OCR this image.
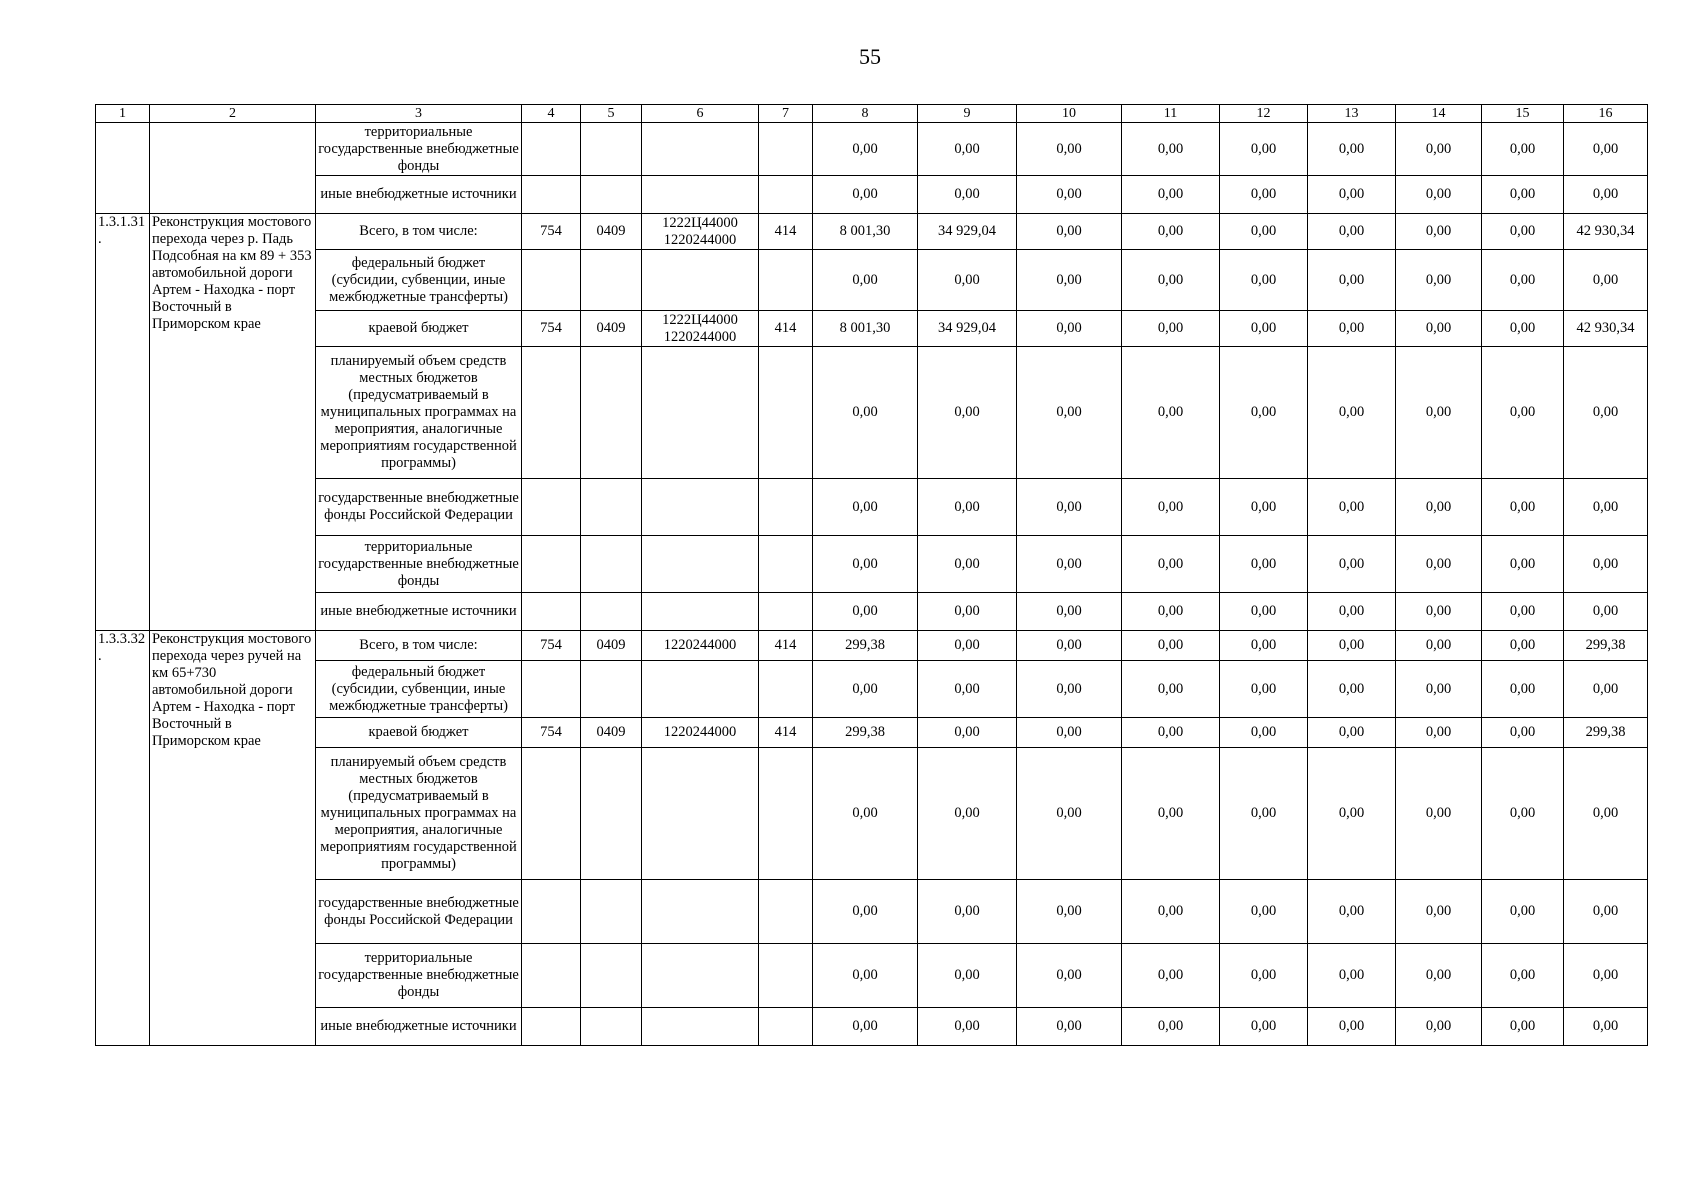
55
1	2	3	4	5	6	7	8	9	10	11	12	13	14	15	16
		территориальные государственные внебюджетные фонды					0,00	0,00	0,00	0,00	0,00	0,00	0,00	0,00	0,00
		иные внебюджетные источники					0,00	0,00	0,00	0,00	0,00	0,00	0,00	0,00	0,00
1.3.1.31 .	Реконструкция мостового перехода через р. Падь Подсобная на км 89 + 353 автомобильной дороги Артем - Находка - порт Восточный в Приморском крае	Всего, в том числе:	754	0409	1222Ц44000 1220244000	414	8 001,30	34 929,04	0,00	0,00	0,00	0,00	0,00	0,00	42 930,34
		федеральный бюджет (субсидии, субвенции, иные межбюджетные трансферты)					0,00	0,00	0,00	0,00	0,00	0,00	0,00	0,00	0,00
		краевой бюджет	754	0409	1222Ц44000 1220244000	414	8 001,30	34 929,04	0,00	0,00	0,00	0,00	0,00	0,00	42 930,34
		планируемый объем средств местных бюджетов (предусматриваемый в муниципальных программах на мероприятия, аналогичные мероприятиям государственной программы)					0,00	0,00	0,00	0,00	0,00	0,00	0,00	0,00	0,00
		государственные внебюджетные фонды Российской Федерации					0,00	0,00	0,00	0,00	0,00	0,00	0,00	0,00	0,00
		территориальные государственные внебюджетные фонды					0,00	0,00	0,00	0,00	0,00	0,00	0,00	0,00	0,00
		иные внебюджетные источники					0,00	0,00	0,00	0,00	0,00	0,00	0,00	0,00	0,00
1.3.3.32 .	Реконструкция мостового перехода через ручей на км 65+730 автомобильной дороги Артем - Находка - порт Восточный в Приморском крае	Всего, в том числе:	754	0409	1220244000	414	299,38	0,00	0,00	0,00	0,00	0,00	0,00	0,00	299,38
		федеральный бюджет (субсидии, субвенции, иные межбюджетные трансферты)					0,00	0,00	0,00	0,00	0,00	0,00	0,00	0,00	0,00
		краевой бюджет	754	0409	1220244000	414	299,38	0,00	0,00	0,00	0,00	0,00	0,00	0,00	299,38
		планируемый объем средств местных бюджетов (предусматриваемый в муниципальных программах на мероприятия, аналогичные мероприятиям государственной программы)					0,00	0,00	0,00	0,00	0,00	0,00	0,00	0,00	0,00
		государственные внебюджетные фонды Российской Федерации					0,00	0,00	0,00	0,00	0,00	0,00	0,00	0,00	0,00
		территориальные государственные внебюджетные фонды					0,00	0,00	0,00	0,00	0,00	0,00	0,00	0,00	0,00
		иные внебюджетные источники					0,00	0,00	0,00	0,00	0,00	0,00	0,00	0,00	0,00
